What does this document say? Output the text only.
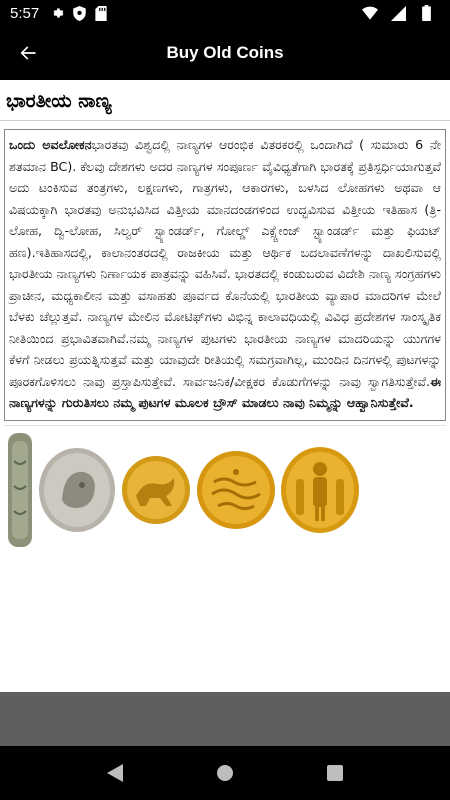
5:57
Buy Old Coins
ಭಾರತೀಯ ನಾಣ್ಯ
ಒಂದು ಅವಲೋಕನಭಾರತವು ವಿಶ್ವದಲ್ಲಿ ನಾಣ್ಯಗಳ ಆರಂಭಿಕ ವಿತರಕರಲ್ಲಿ ಒಂದಾಗಿದೆ ( ಸುಮಾರು 6 ನೇ ಶತಮಾನ BC). ಕೆಲವು ದೇಶಗಳು ಅದರ ನಾಣ್ಯಗಳ ಸಂಪೂರ್ಣ ವೈವಿಧ್ಯತೆಗಾಗಿ ಭಾರತಕ್ಕೆ ಪ್ರತಿಸ್ಪರ್ಧಿಯಾಗುತ್ತವೆ ಅದು ಟಂಕಿಸುವ ತಂತ್ರಗಳು, ಲಕ್ಷಣಗಳು, ಗಾತ್ರಗಳು, ಆಕಾರಗಳು, ಬಳಸಿದ ಲೋಹಗಳು ಅಥವಾ ಆ ವಿಷಯಕ್ಕಾಗಿ ಭಾರತವು ಅನುಭವಿಸಿದ ವಿತ್ತೀಯ ಮಾನದಂಡಗಳಿಂದ ಉದ್ಭವಿಸುವ ವಿತ್ತೀಯ ಇತಿಹಾಸ (ತ್ರಿ-ಲೋಹ, ದ್ವಿ-ಲೋಹ, ಸಿಲ್ವರ್ ಸ್ಟ್ಯಾಂಡರ್ಡ್, ಗೋಲ್ಡ್ ಎಕ್ಸ್ಚೇಂಜ್ ಸ್ಟ್ಯಾಂಡರ್ಡ್ ಮತ್ತು ಫಿಯಟ್ ಹಣ).ಇತಿಹಾಸದಲ್ಲಿ, ಕಾಲಾನಂತರದಲ್ಲಿ ರಾಜಕೀಯ ಮತ್ತು ಆರ್ಥಿಕ ಬದಲಾವಣೆಗಳನ್ನು ದಾಖಲಿಸುವಲ್ಲಿ ಭಾರತೀಯ ನಾಣ್ಯಗಳು ನಿರ್ಣಾಯಕ ಪಾತ್ರವನ್ನು ವಹಿಸಿವೆ. ಭಾರತದಲ್ಲಿ ಕಂಡುಬರುವ ವಿದೇಶಿ ನಾಣ್ಯ ಸಂಗ್ರಹಗಳು ಪ್ರಾಚೀನ, ಮಧ್ಯಕಾಲೀನ ಮತ್ತು ವಸಾಹತು ಪೂರ್ವದ ಕೊನೆಯಲ್ಲಿ ಭಾರತೀಯ ವ್ಯಾಪಾರ ಮಾದರಿಗಳ ಮೇಲೆ ಬೆಳಕು ಚೆಲ್ಲುತ್ತವೆ. ನಾಣ್ಯಗಳ ಮೇಲಿನ ಮೋಟಿಫ್‌ಗಳು ವಿಭಿನ್ನ ಕಾಲಾವಧಿಯಲ್ಲಿ ವಿವಿಧ ಪ್ರದೇಶಗಳ ಸಾಂಸ್ಕೃತಿಕ ನೀತಿಯಿಂದ ಪ್ರಭಾವಿತವಾಗಿವೆ.ನಮ್ಮ ನಾಣ್ಯಗಳ ಪುಟಗಳು ಭಾರತೀಯ ನಾಣ್ಯಗಳ ಮಾದರಿಯನ್ನು ಯುಗಗಳ ಕೆಳಗೆ ನೀಡಲು ಪ್ರಯತ್ನಿಸುತ್ತವೆ ಮತ್ತು ಯಾವುದೇ ರೀತಿಯಲ್ಲಿ ಸಮಗ್ರವಾಗಿಲ್ಲ, ಮುಂದಿನ ದಿನಗಳಲ್ಲಿ ಪುಟಗಳನ್ನು ಪೂರಕಗೊಳಿಸಲು ನಾವು ಪ್ರಸ್ತಾಪಿಸುತ್ತೇವೆ. ಸಾರ್ವಜನಿಕ/ವೀಕ್ಷಕರ ಕೊಡುಗೆಗಳನ್ನು ನಾವು ಸ್ವಾಗತಿಸುತ್ತೇವೆ.ಈ ನಾಣ್ಯಗಳನ್ನು ಗುರುತಿಸಲು ನಮ್ಮ ಪುಟಗಳ ಮೂಲಕ ಬ್ರೌಸ್ ಮಾಡಲು ನಾವು ನಿಮ್ಮನ್ನು ಆಹ್ವಾನಿಸುತ್ತೇವೆ.
